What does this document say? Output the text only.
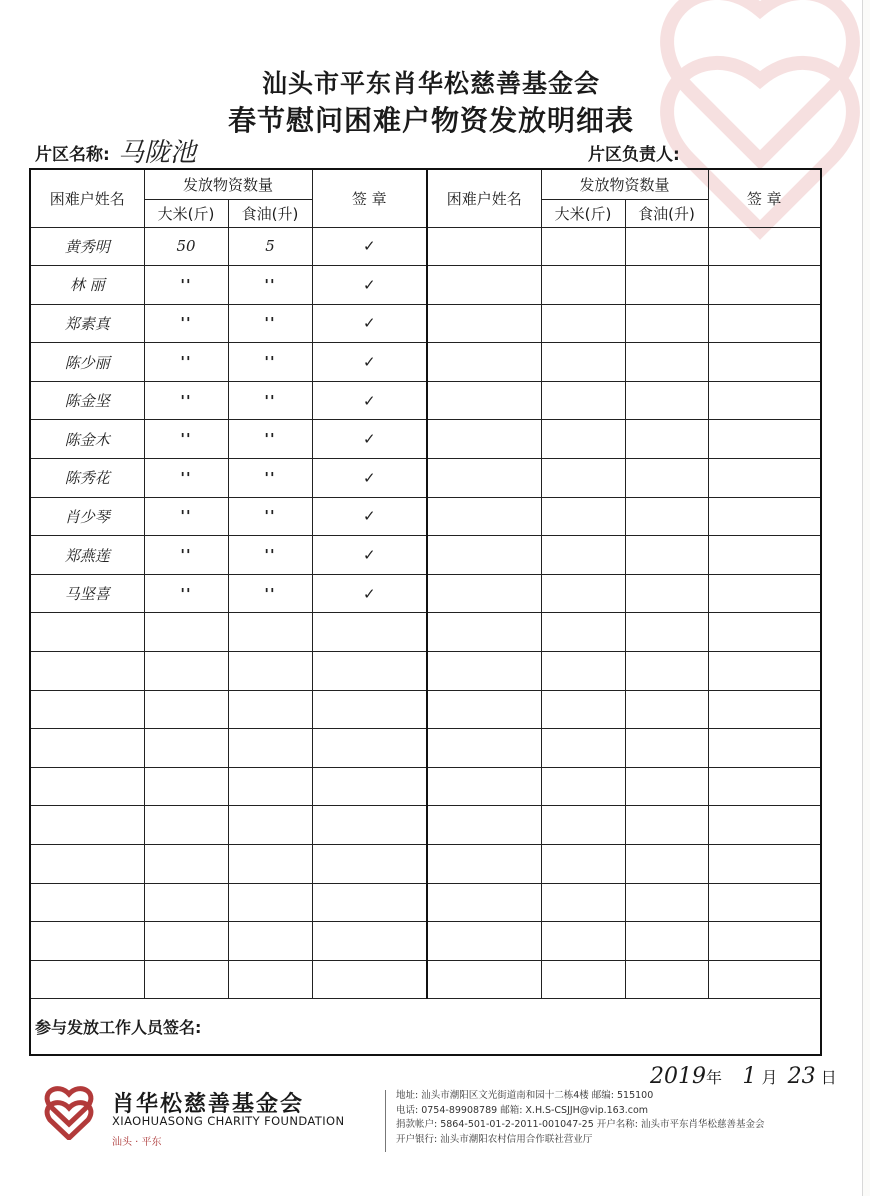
汕头市平东肖华松慈善基金会
春节慰问困难户物资发放明细表
片区名称: 马陇池	片区负责人:
困难户姓名	发放物资数量		签 章	困难户姓名	发放物资数量		签 章
	大米(斤)	食油(升)			大米(斤)	食油(升)	
黄秀明	50	5	✓				
林 丽	''	''	✓				
郑素真	''	''	✓				
陈少丽	''	''	✓				
陈金坚	''	''	✓				
陈金木	''	''	✓				
陈秀花	''	''	✓				
肖少琴	''	''	✓				
郑燕莲	''	''	✓				
马坚喜	''	''	✓				

参与发放工作人员签名:							
2019年 1 月 23 日
肖华松慈善基金会
XIAOHUASONG CHARITY FOUNDATION
汕头 · 平东
地址: 汕头市潮阳区文光街道南和园十二栋4楼 邮编: 515100
电话: 0754-89908789 邮箱: X.H.S-CSJJH@vip.163.com
捐款帐户: 5864-501-01-2-2011-001047-25 开户名称: 汕头市平东肖华松慈善基金会
开户银行: 汕头市潮阳农村信用合作联社营业厅
